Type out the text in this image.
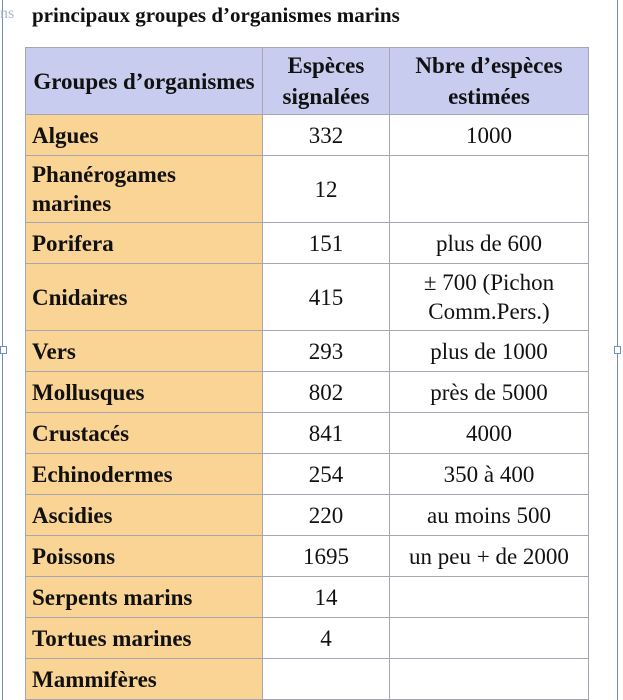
ns principaux groupes d’organismes marins
Groupes d’organismes	Espèces signalées	Nbre d’espèces estimées
Algues	332	1000
Phanérogames marines	12	
Porifera	151	plus de 600
Cnidaires	415	± 700 (Pichon Comm.Pers.)
Vers	293	plus de 1000
Mollusques	802	près de 5000
Crustacés	841	4000
Echinodermes	254	350 à 400
Ascidies	220	au moins 500
Poissons	1695	un peu + de 2000
Serpents marins	14	
Tortues marines	4	
Mammifères		
